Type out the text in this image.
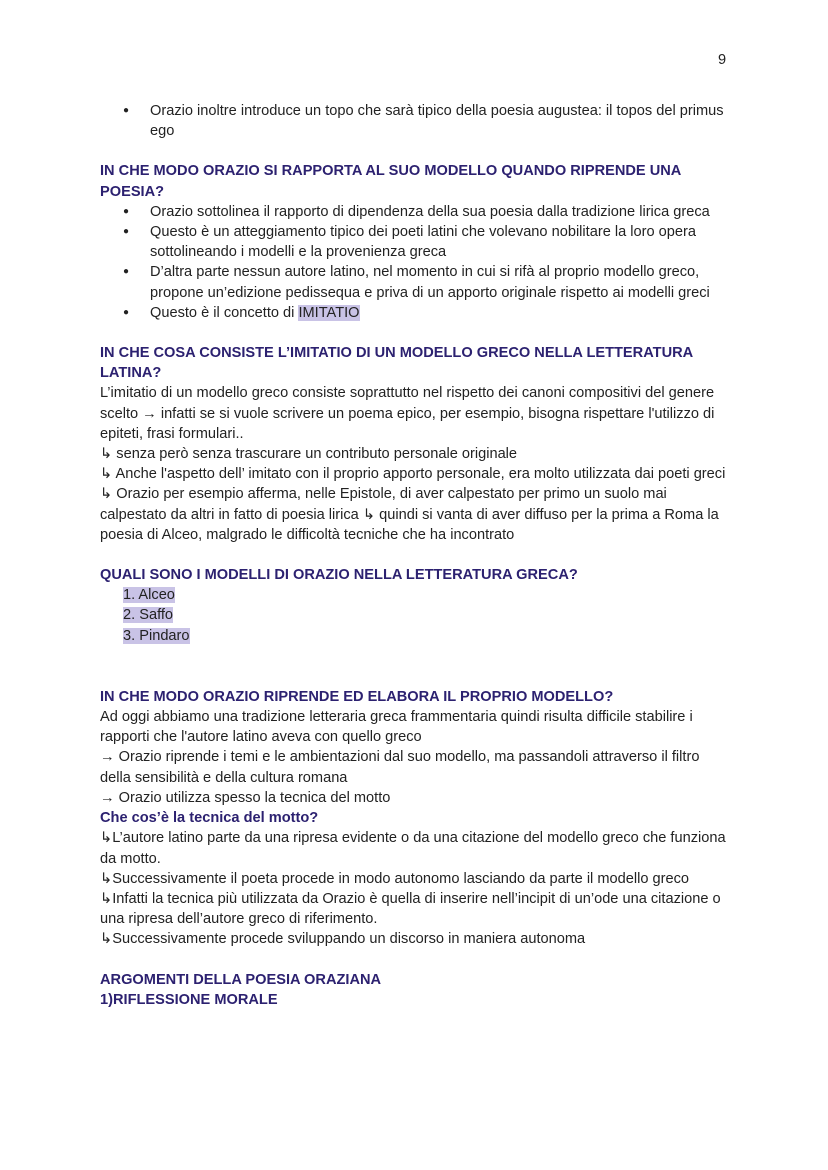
9
● Orazio inoltre introduce un topo che sarà tipico della poesia augustea: il topos del primus ego

IN CHE MODO ORAZIO SI RAPPORTA AL SUO MODELLO QUANDO RIPRENDE UNA POESIA?

● Orazio sottolinea il rapporto di dipendenza della sua poesia dalla tradizione lirica greca
● Questo è un atteggiamento tipico dei poeti latini che volevano nobilitare la loro opera sottolineando i modelli e la provenienza greca
● D’altra parte nessun autore latino, nel momento in cui si rifà al proprio modello greco, propone un’edizione pedissequa e priva di un apporto originale rispetto ai modelli greci
● Questo è il concetto di IMITATIO

IN CHE COSA CONSISTE L’IMITATIO DI UN MODELLO GRECO NELLA LETTERATURA LATINA?

L’imitatio di un modello greco consiste soprattutto nel rispetto dei canoni compositivi del genere scelto → infatti se si vuole scrivere un poema epico, per esempio, bisogna rispettare l'utilizzo di epiteti, frasi formulari..

↳ senza però senza trascurare un contributo personale originale

↳ Anche l'aspetto dell’ imitato con il proprio apporto personale, era molto utilizzata dai poeti greci

↳ Orazio per esempio afferma, nelle Epistole, di aver calpestato per primo un suolo mai calpestato da altri in fatto di poesia lirica ↳ quindi si vanta di aver diffuso per la prima a Roma la poesia di Alceo, malgrado le difficoltà tecniche che ha incontrato

QUALI SONO I MODELLI DI ORAZIO NELLA LETTERATURA GRECA?

1. Alceo
2. Saffo
3. Pindaro

IN CHE MODO ORAZIO RIPRENDE ED ELABORA IL PROPRIO MODELLO?

Ad oggi abbiamo una tradizione letteraria greca frammentaria quindi risulta difficile stabilire i rapporti che l'autore latino aveva con quello greco

→ Orazio riprende i temi e le ambientazioni dal suo modello, ma passandoli attraverso il filtro della sensibilità e della cultura romana

→ Orazio utilizza spesso la tecnica del motto

Che cos’è la tecnica del motto?

↳L’autore latino parte da una ripresa evidente o da una citazione del modello greco che funziona da motto.

↳Successivamente il poeta procede in modo autonomo lasciando da parte il modello greco

↳Infatti la tecnica più utilizzata da Orazio è quella di inserire nell’incipit di un’ode una citazione o una ripresa dell’autore greco di riferimento.

↳Successivamente procede sviluppando un discorso in maniera autonoma

ARGOMENTI DELLA POESIA ORAZIANA

1)RIFLESSIONE MORALE
